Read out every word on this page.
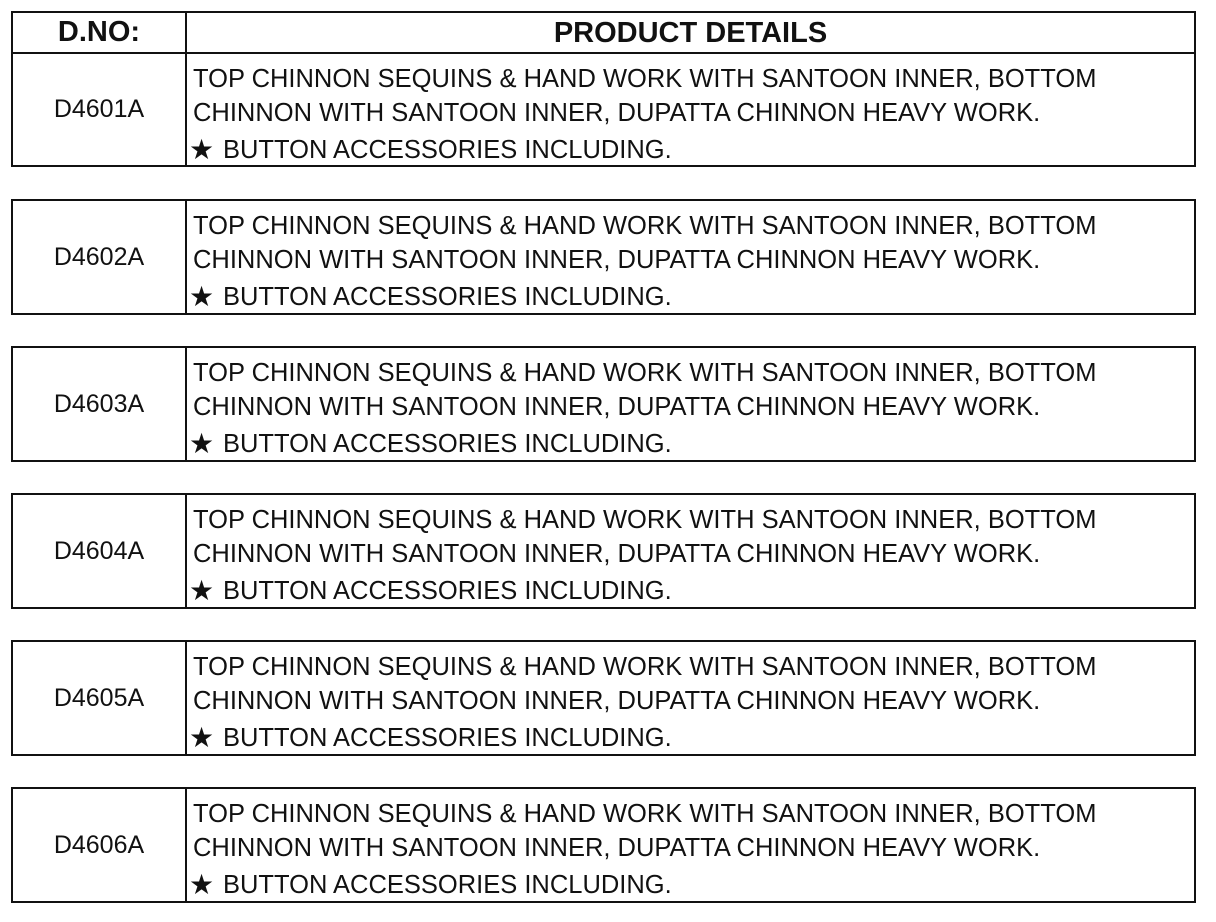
D.NO:	PRODUCT DETAILS
D4601A
TOP CHINNON SEQUINS & HAND WORK WITH SANTOON INNER, BOTTOM
CHINNON WITH SANTOON INNER, DUPATTA CHINNON HEAVY WORK.
★ BUTTON ACCESSORIES INCLUDING.
D4602A
TOP CHINNON SEQUINS & HAND WORK WITH SANTOON INNER, BOTTOM
CHINNON WITH SANTOON INNER, DUPATTA CHINNON HEAVY WORK.
★ BUTTON ACCESSORIES INCLUDING.
D4603A
TOP CHINNON SEQUINS & HAND WORK WITH SANTOON INNER, BOTTOM
CHINNON WITH SANTOON INNER, DUPATTA CHINNON HEAVY WORK.
★ BUTTON ACCESSORIES INCLUDING.
D4604A
TOP CHINNON SEQUINS & HAND WORK WITH SANTOON INNER, BOTTOM
CHINNON WITH SANTOON INNER, DUPATTA CHINNON HEAVY WORK.
★ BUTTON ACCESSORIES INCLUDING.
D4605A
TOP CHINNON SEQUINS & HAND WORK WITH SANTOON INNER, BOTTOM
CHINNON WITH SANTOON INNER, DUPATTA CHINNON HEAVY WORK.
★ BUTTON ACCESSORIES INCLUDING.
D4606A
TOP CHINNON SEQUINS & HAND WORK WITH SANTOON INNER, BOTTOM
CHINNON WITH SANTOON INNER, DUPATTA CHINNON HEAVY WORK.
★ BUTTON ACCESSORIES INCLUDING.
